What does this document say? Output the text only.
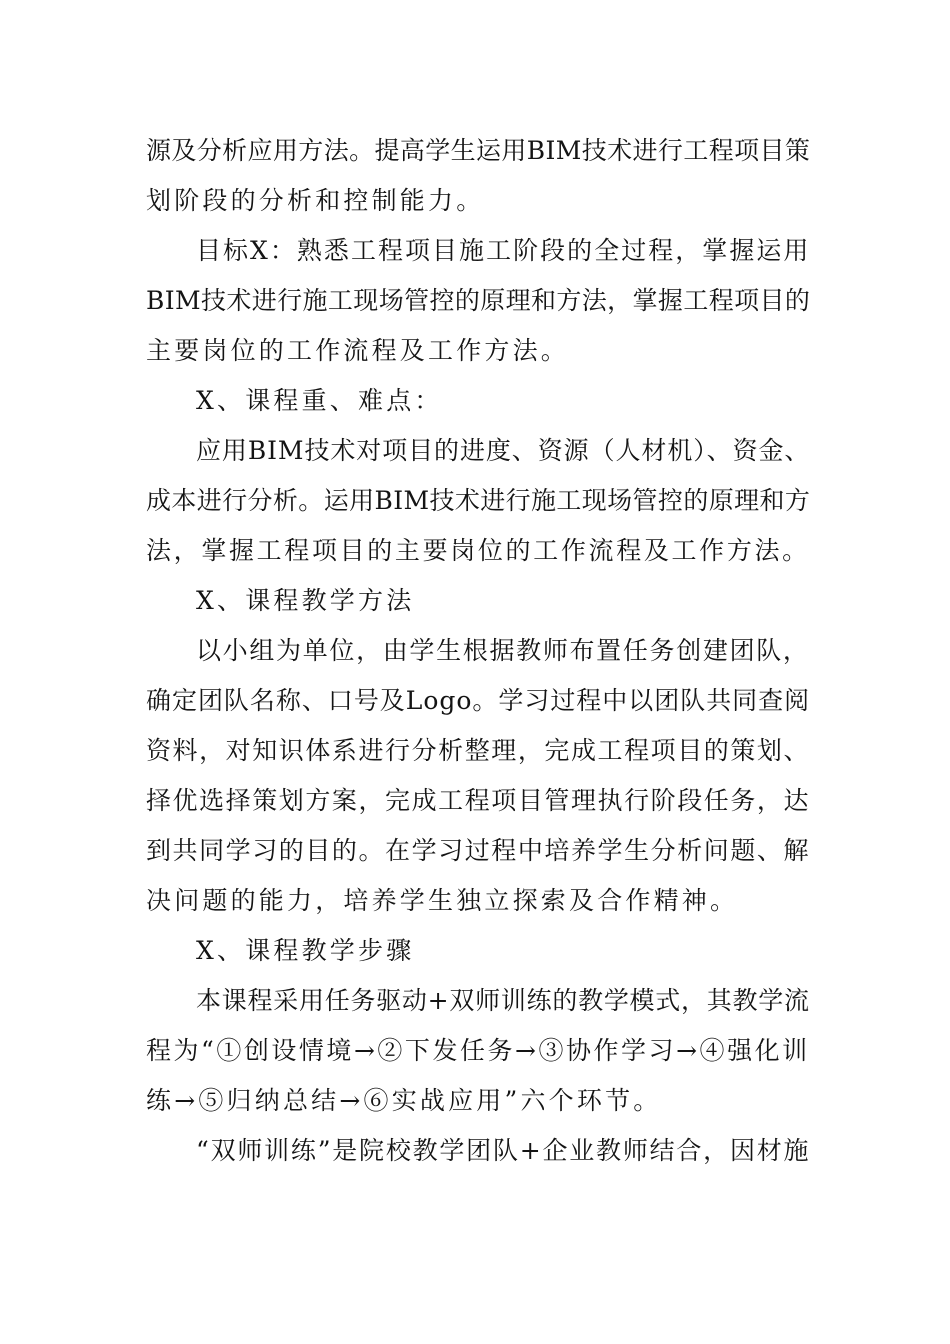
源及分析应用方法。提高学生运用BIM技术进行工程项目策
划阶段的分析和控制能力。
目标X：熟悉工程项目施工阶段的全过程，掌握运用
BIM技术进行施工现场管控的原理和方法，掌握工程项目的
主要岗位的工作流程及工作方法。
X、课程重、难点：
应用BIM技术对项目的进度、资源（人材机）、资金、
成本进行分析。运用BIM技术进行施工现场管控的原理和方
法，掌握工程项目的主要岗位的工作流程及工作方法。
X、课程教学方法
以小组为单位，由学生根据教师布置任务创建团队，
确定团队名称、口号及Logo。学习过程中以团队共同查阅
资料，对知识体系进行分析整理，完成工程项目的策划、
择优选择策划方案，完成工程项目管理执行阶段任务，达
到共同学习的目的。在学习过程中培养学生分析问题、解
决问题的能力，培养学生独立探索及合作精神。
X、课程教学步骤
本课程采用任务驱动+双师训练的教学模式，其教学流
程为“①创设情境→②下发任务→③协作学习→④强化训
练→⑤归纳总结→⑥实战应用”六个环节。
“双师训练”是院校教学团队+企业教师结合，因材施
